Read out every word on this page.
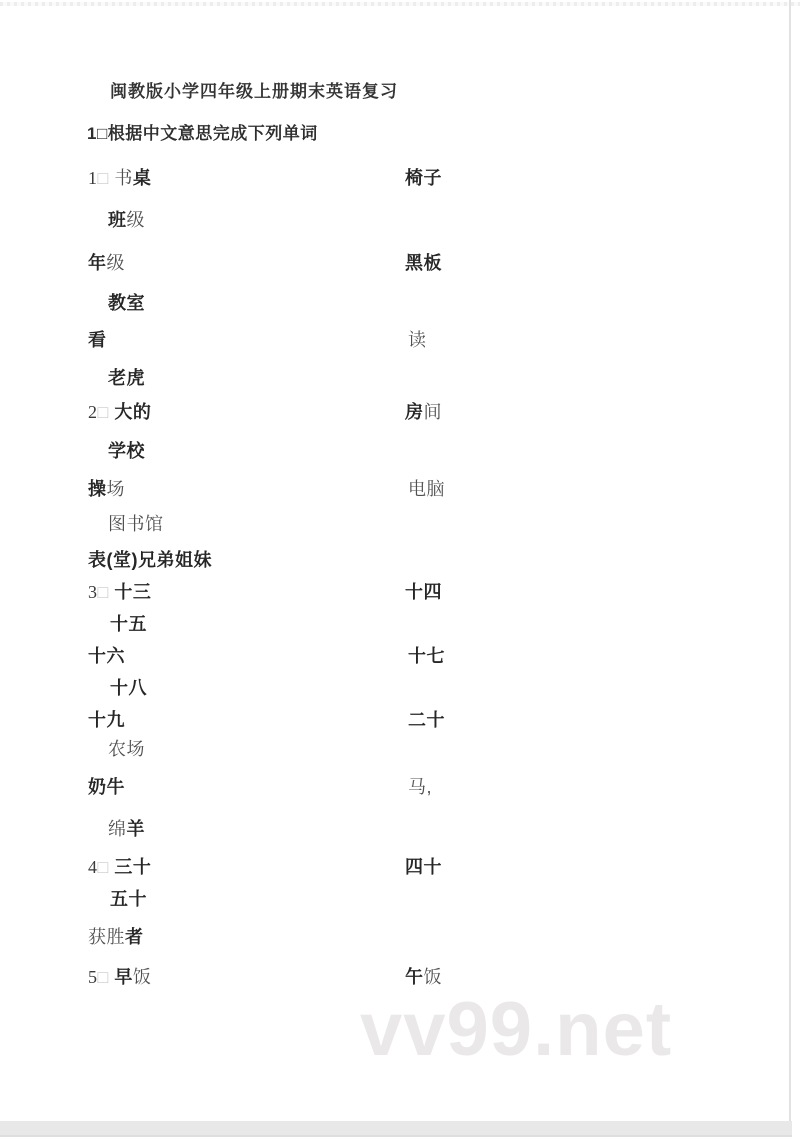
闽教版小学四年级上册期末英语复习
1□根据中文意思完成下列单词
1□ 书桌	椅子
班级
年级	黑板
教室
看	读
老虎
2□ 大的	房间
学校
操场	电脑
图书馆
表(堂)兄弟姐妹
3□ 十三	十四
十五
十六	十七
十八
十九	二十
农场
奶牛	马,
绵羊
4□ 三十	四十
五十
获胜者
5□ 早饭	午饭
vv99.net
